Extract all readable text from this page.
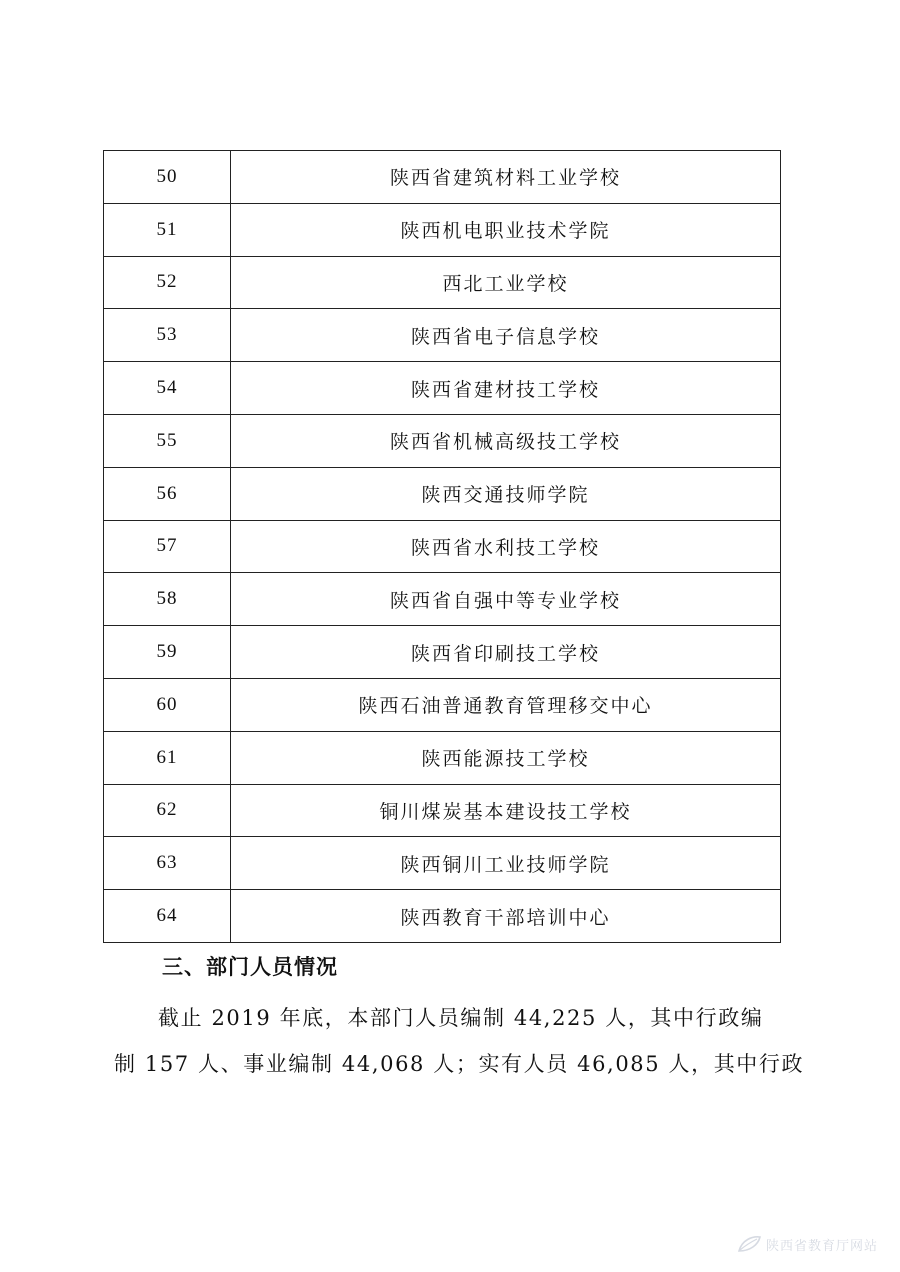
50	陕西省建筑材料工业学校
51	陕西机电职业技术学院
52	西北工业学校
53	陕西省电子信息学校
54	陕西省建材技工学校
55	陕西省机械高级技工学校
56	陕西交通技师学院
57	陕西省水利技工学校
58	陕西省自强中等专业学校
59	陕西省印刷技工学校
60	陕西石油普通教育管理移交中心
61	陕西能源技工学校
62	铜川煤炭基本建设技工学校
63	陕西铜川工业技师学院
64	陕西教育干部培训中心
三、部门人员情况

截止 2019 年底，本部门人员编制 44,225 人，其中行政编

制 157 人、事业编制 44,068 人；实有人员 46,085 人，其中行政

陕西省教育厅网站
